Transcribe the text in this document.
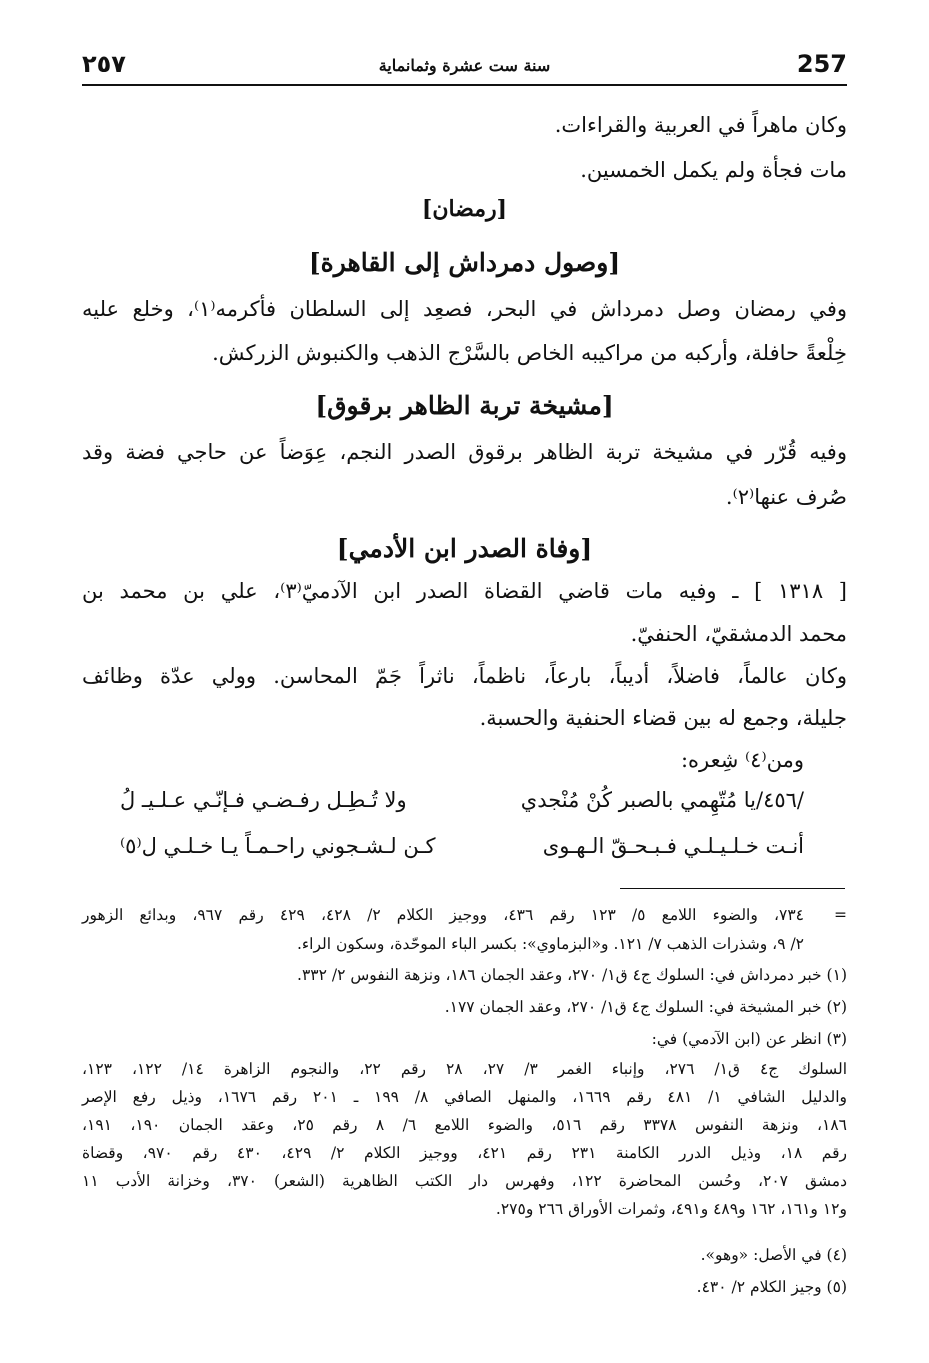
٢٥٧	سنة ست عشرة وثمانماية	257
وكان ماهراً في العربية والقراءات.
مات فجأة ولم يكمل الخمسين.
[رمضان]
[وصول دمرداش إلى القاهرة]
وفي رمضان وصل دمرداش في البحر، فصعِد إلى السلطان فأكرمه⁽١⁾، وخلع عليه
خِلْعةً حافلة، وأركبه من مراكيبه الخاص بالسَّرْج الذهب والكنبوش الزركش.
[مشيخة تربة الظاهر برقوق]
وفيه قُرّر في مشيخة تربة الظاهر برقوق الصدر النجم، عِوَضاً عن حاجي فضة وقد
صُرف عنها⁽٢⁾.
[وفاة الصدر ابن الأدمي]
[ ١٣١٨ ] ـ وفيه مات قاضي القضاة الصدر ابن الآدميّ⁽٣⁾، علي بن محمد بن
محمد الدمشقيّ، الحنفيّ.
وكان عالماً، فاضلاً، أديباً، بارعاً، ناظماً، ناثراً جَمّ المحاسن. وولي عدّة وظائف
جليلة، وجمع له بين قضاء الحنفية والحسبة.
ومن⁽٤⁾ شِعره:
/٤٥٦/يا مُتّهِمي بالصبر كُنْ مُنْجدي
ولا تُـطِـل رفـضـي فـإنّـي عـلـيـ لُ
أنـت خـلـيـلـي فـبـحـقّ الـهـوى
كـن لـشـجوني راحـمـاً يـا خـلـي ل⁽٥⁾
=
٧٣٤، والضوء اللامع ٥/ ١٢٣ رقم ٤٣٦، ووجيز الكلام ٢/ ٤٢٨، ٤٢٩ رقم ٩٦٧، وبدائع الزهور
٢/ ٩، وشذرات الذهب ٧/ ١٢١. و«البزماوي»: بكسر الباء الموحّدة، وسكون الراء.
(١) خبر دمرداش في: السلوك ج٤ ق١/ ٢٧٠، وعقد الجمان ١٨٦، ونزهة النفوس ٢/ ٣٣٢.
(٢) خبر المشيخة في: السلوك ج٤ ق١/ ٢٧٠، وعقد الجمان ١٧٧.
(٣) انظر عن (ابن الآدمي) في:
السلوك ج٤ ق١/ ٢٧٦، وإنباء الغمر ٣/ ٢٧، ٢٨ رقم ٢٢، والنجوم الزاهرة ١٤/ ١٢٢، ١٢٣،
والدليل الشافي ١/ ٤٨١ رقم ١٦٦٩، والمنهل الصافي ٨/ ١٩٩ ـ ٢٠١ رقم ١٦٧٦، وذيل رفع الإصر
١٨٦، ونزهة النفوس ٣٣٧٨ رقم ٥١٦، والضوء اللامع ٦/ ٨ رقم ٢٥، وعقد الجمان ١٩٠، ١٩١،
رقم ١٨، وذيل الدرر الكامنة ٢٣١ رقم ٤٢١، ووجيز الكلام ٢/ ٤٢٩، ٤٣٠ رقم ٩٧٠، وقضاة
دمشق ٢٠٧، وحُسن المحاضرة ١٢٢، وفهرس دار الكتب الظاهرية (الشعر) ٣٧٠، وخزانة الأدب ١١
و١٢ و١٦١، ١٦٢ و٤٨٩ و٤٩١، وثمرات الأوراق ٢٦٦ و٢٧٥.
(٤) في الأصل: «وهو».
(٥) وجيز الكلام ٢/ ٤٣٠.
